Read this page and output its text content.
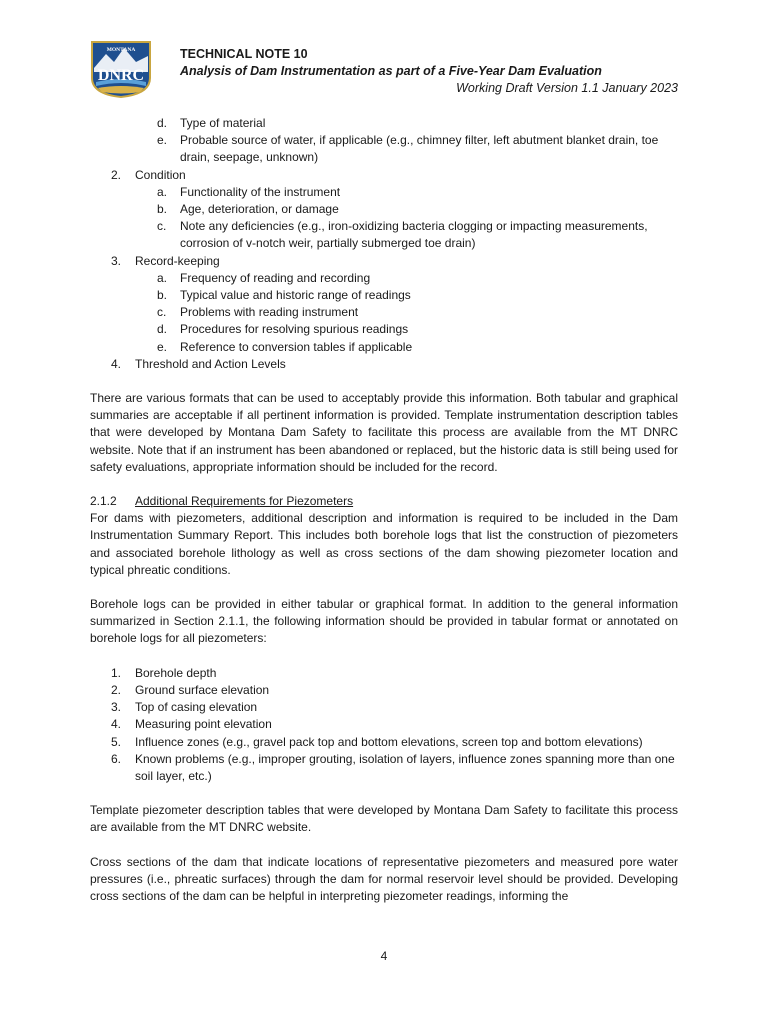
MONTANA
DNRC
TECHNICAL NOTE 10
Analysis of Dam Instrumentation as part of a Five-Year Dam Evaluation
Working Draft Version 1.1 January 2023
d.	Type of material
e.	Probable source of water, if applicable (e.g., chimney filter, left abutment blanket drain, toe drain, seepage, unknown)
2.	Condition
a.	Functionality of the instrument
b.	Age, deterioration, or damage
c.	Note any deficiencies (e.g., iron-oxidizing bacteria clogging or impacting measurements, corrosion of v-notch weir, partially submerged toe drain)
3.	Record-keeping
a.	Frequency of reading and recording
b.	Typical value and historic range of readings
c.	Problems with reading instrument
d.	Procedures for resolving spurious readings
e.	Reference to conversion tables if applicable
4.	Threshold and Action Levels

There are various formats that can be used to acceptably provide this information. Both tabular and graphical summaries are acceptable if all pertinent information is provided. Template instrumentation description tables that were developed by Montana Dam Safety to facilitate this process are available from the MT DNRC website. Note that if an instrument has been abandoned or replaced, but the historic data is still being used for safety evaluations, appropriate information should be included for the record.

2.1.2 Additional Requirements for Piezometers

For dams with piezometers, additional description and information is required to be included in the Dam Instrumentation Summary Report. This includes both borehole logs that list the construction of piezometers and associated borehole lithology as well as cross sections of the dam showing piezometer location and typical phreatic conditions.

Borehole logs can be provided in either tabular or graphical format. In addition to the general information summarized in Section 2.1.1, the following information should be provided in tabular format or annotated on borehole logs for all piezometers:

1.	Borehole depth
2.	Ground surface elevation
3.	Top of casing elevation
4.	Measuring point elevation
5.	Influence zones (e.g., gravel pack top and bottom elevations, screen top and bottom elevations)
6.	Known problems (e.g., improper grouting, isolation of layers, influence zones spanning more than one soil layer, etc.)

Template piezometer description tables that were developed by Montana Dam Safety to facilitate this process are available from the MT DNRC website.

Cross sections of the dam that indicate locations of representative piezometers and measured pore water pressures (i.e., phreatic surfaces) through the dam for normal reservoir level should be provided. Developing cross sections of the dam can be helpful in interpreting piezometer readings, informing the

4
